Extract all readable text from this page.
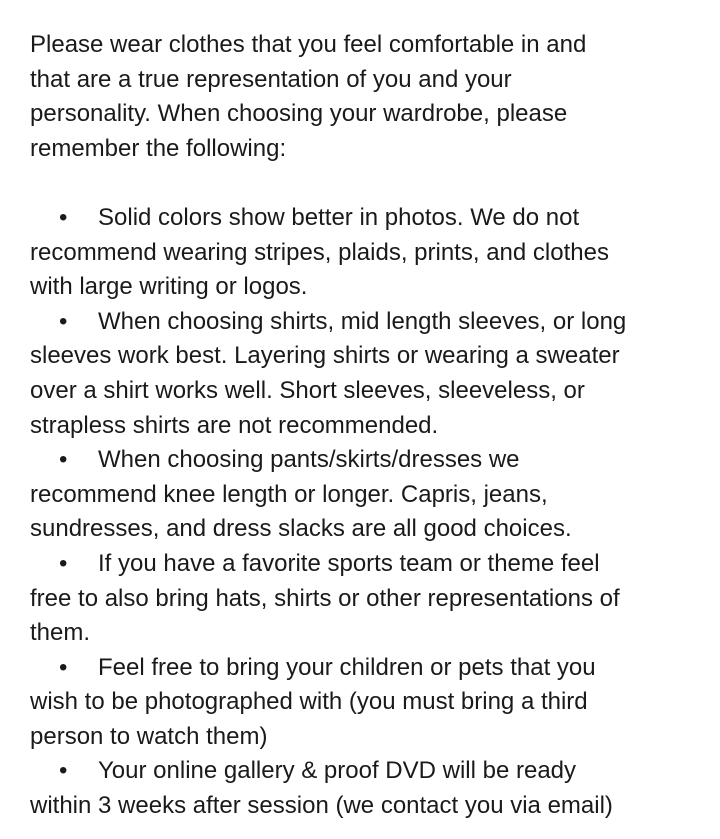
Please wear clothes that you feel comfortable in and
that are a true representation of you and your
personality. When choosing your wardrobe, please
remember the following:
•	Solid colors show better in photos. We do not
recommend wearing stripes, plaids, prints, and clothes
with large writing or logos.
•	When choosing shirts, mid length sleeves, or long
sleeves work best. Layering shirts or wearing a sweater
over a shirt works well. Short sleeves, sleeveless, or
strapless shirts are not recommended.
•	When choosing pants/skirts/dresses we
recommend knee length or longer. Capris, jeans,
sundresses, and dress slacks are all good choices.
•	If you have a favorite sports team or theme feel
free to also bring hats, shirts or other representations of
them.
•	Feel free to bring your children or pets that you
wish to be photographed with (you must bring a third
person to watch them)
•	Your online gallery & proof DVD will be ready
within 3 weeks after session (we contact you via email)
